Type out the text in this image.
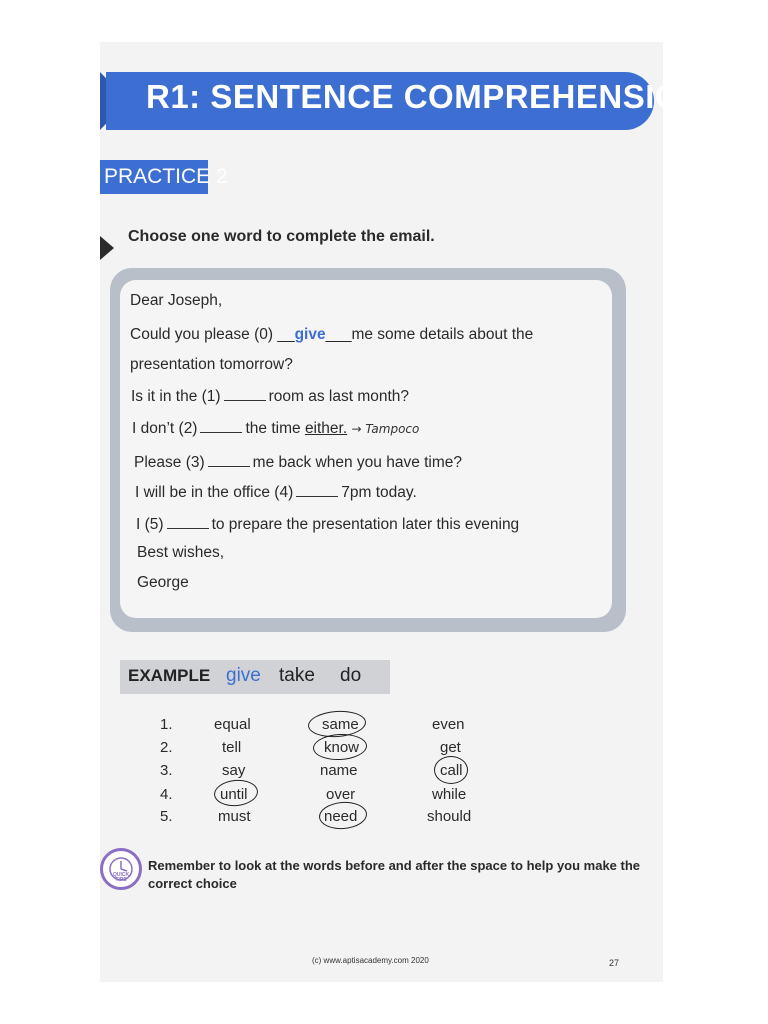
R1: SENTENCE COMPREHENSION
PRACTICE 2
Choose one word to complete the email.
Dear Joseph,
Could you please (0) __give___me some details about the
presentation tomorrow?
Is it in the (1)	room as last month?
I don’t (2)	the time either. → Tampoco
Please (3)	me back when you have time?
I will be in the office (4)	7pm today.
I (5)	to prepare the presentation later this evening
Best wishes,
George
EXAMPLE give take do
1.	equal	same	even
2.	tell	know	get
3.	say	name	call
4.	until	over	while
5.	must	need	should
QUICK TIPS
Remember to look at the words before and after the space to help you make the
correct choice
(c) www.aptisacademy.com 2020	27
